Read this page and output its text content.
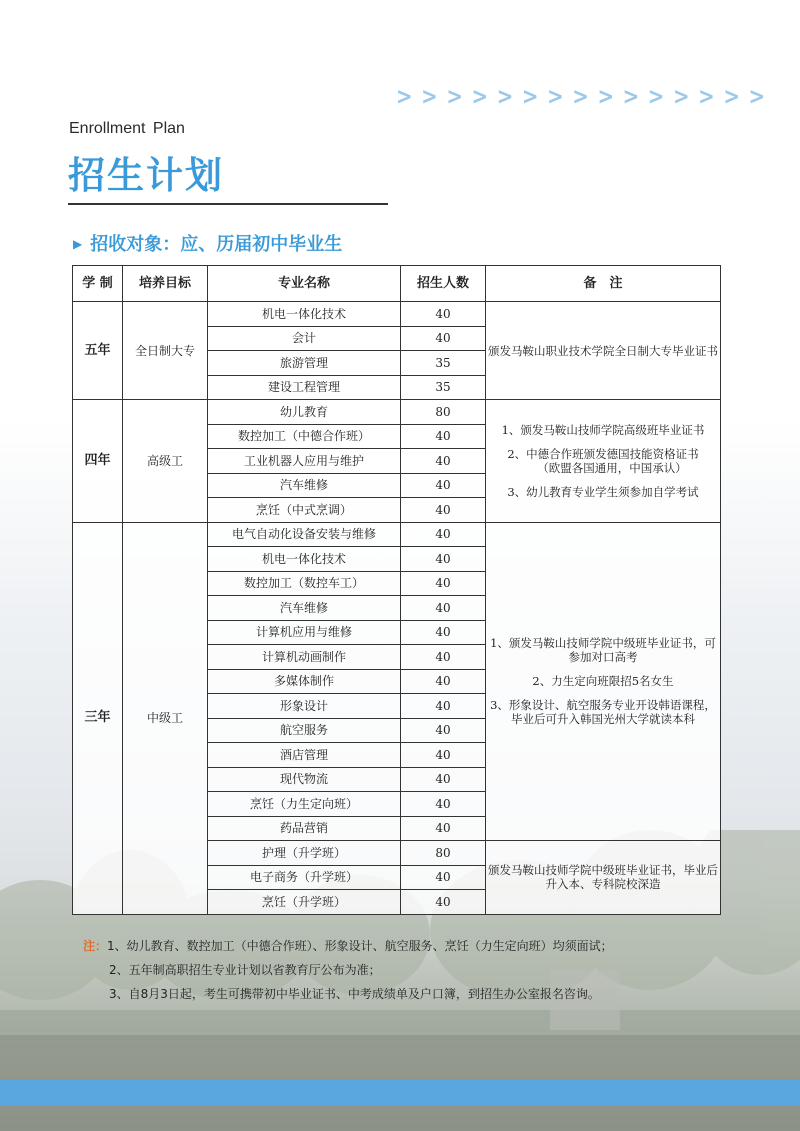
> > > > > > > > > > > > > > >
Enrollment Plan
招生计划
▶ 招收对象：应、历届初中毕业生
学 制	培养目标	专业名称	招生人数	备　注
五年	全日制大专	机电一体化技术	40	颁发马鞍山职业技术学院全日制大专毕业证书

		会计	40	
		旅游管理	35	
		建设工程管理	35	
四年	高级工	幼儿教育	80	1、颁发马鞍山技师学院高级班毕业证书

2、中德合作班颁发德国技能资格证书
（欧盟各国通用，中国承认）

3、幼儿教育专业学生须参加自学考试

		数控加工（中德合作班）	40	
		工业机器人应用与维护	40	
		汽车维修	40	
		烹饪（中式烹调）	40	
三年	中级工	电气自动化设备安装与维修	40	1、颁发马鞍山技师学院中级班毕业证书，可参加对口高考

2、力生定向班限招5名女生

3、形象设计、航空服务专业开设韩语课程，毕业后可升入韩国光州大学就读本科

		机电一体化技术	40	
		数控加工（数控车工）	40	
		汽车维修	40	
		计算机应用与维修	40	
		计算机动画制作	40	
		多媒体制作	40	
		形象设计	40	
		航空服务	40	
		酒店管理	40	
		现代物流	40	
		烹饪（力生定向班）	40	
		药品营销	40	
		护理（升学班）	80	颁发马鞍山技师学院中级班毕业证书，毕业后升入本、专科院校深造

		电子商务（升学班）	40	
		烹饪（升学班）	40	
注：1、幼儿教育、数控加工（中德合作班）、形象设计、航空服务、烹饪（力生定向班）均须面试；
2、五年制高职招生专业计划以省教育厅公布为准；
3、自8月3日起，考生可携带初中毕业证书、中考成绩单及户口簿，到招生办公室报名咨询。
